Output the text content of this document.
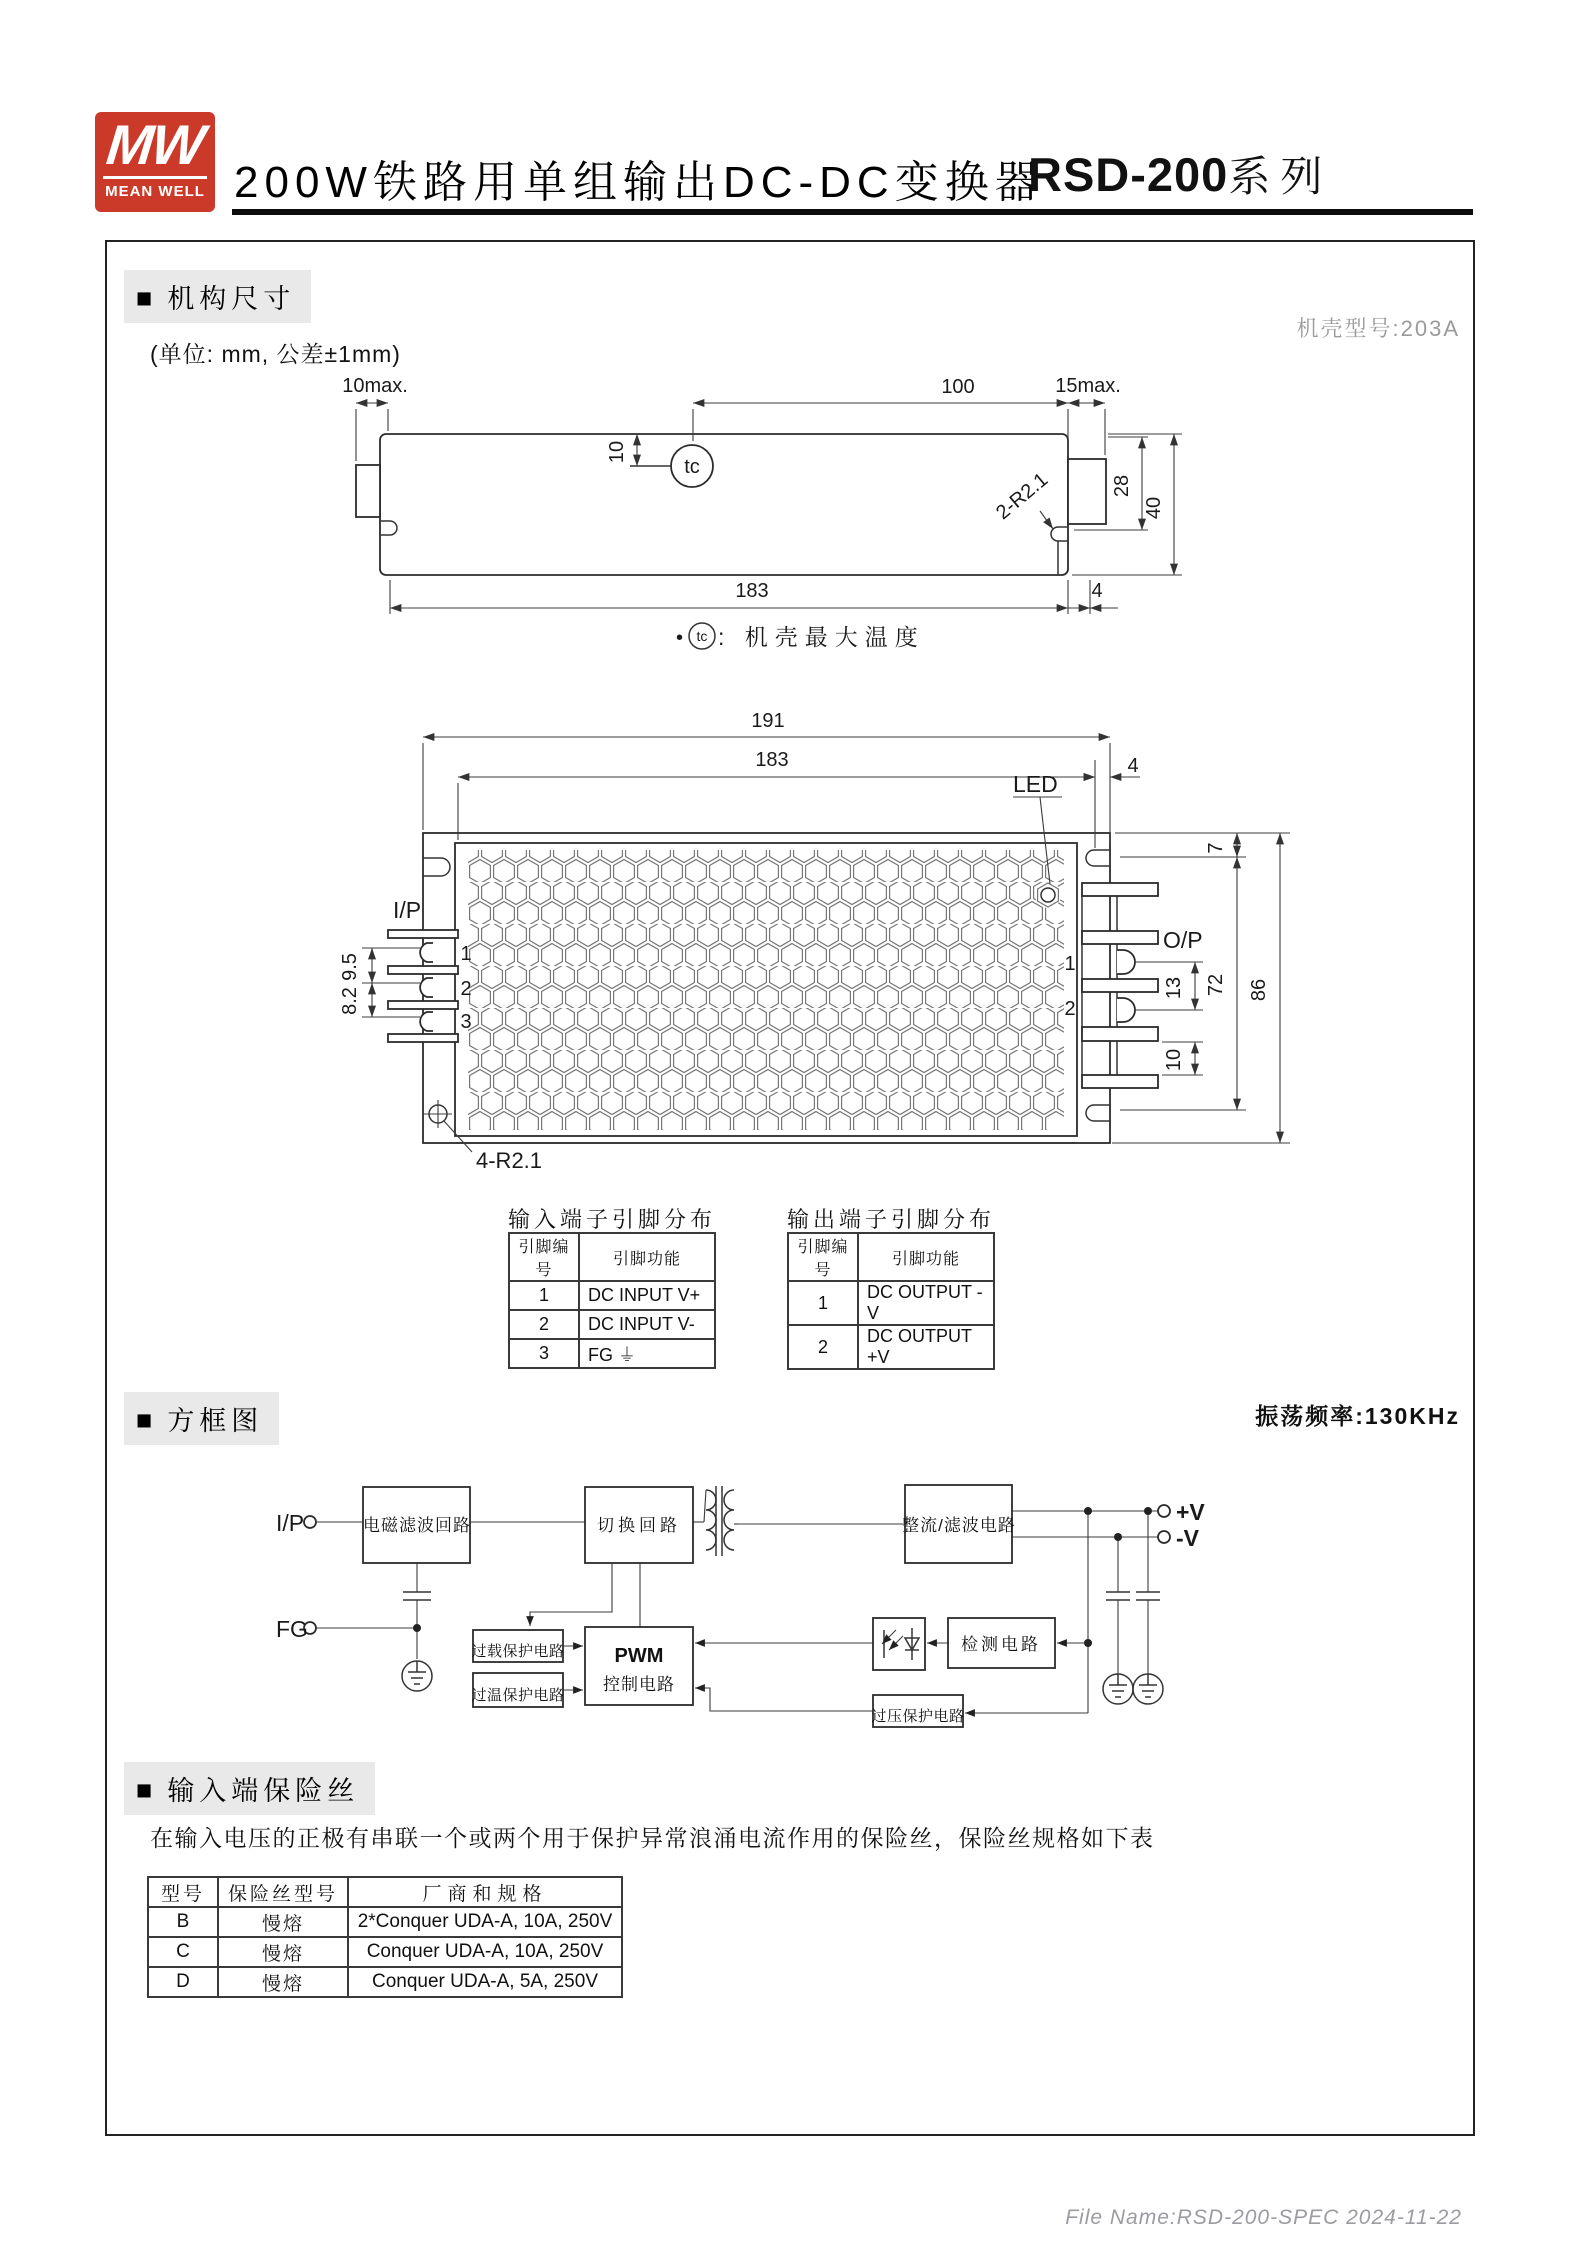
MW
MEAN WELL 200W铁路用单组输出DC-DC变换器
RSD-200系列
■ 机构尺寸
(单位: mm, 公差±1mm)
机壳型号:203A
10max.	100	15max.
10
tc
28
40
2-R2.1
183	4
• tc : 机壳最大温度
191
183	4
LED
7
72 86
13
10
9.5
8.2
4-R2.1
I/P
O/P
1
2
3
1
2
输入端子引脚分布
引脚编号	引脚功能
1	DC INPUT V+
2	DC INPUT V-
3	FG ⏚
输出端子引脚分布
引脚编号	引脚功能
1	DC OUTPUT -V
2	DC OUTPUT +V
■ 方框图	振荡频率:130KHz
电磁滤波回路	切换回路	整流/滤波电路
过载保护电路
过温保护电路
PWM
控制电路
检测电路
过压保护电路
I/P
FG
+V
-V
■ 输入端保险丝
在输入电压的正极有串联一个或两个用于保护异常浪涌电流作用的保险丝，保险丝规格如下表
型号	保险丝型号	厂商和规格
B	慢熔	2*Conquer UDA-A, 10A, 250V
C	慢熔	Conquer UDA-A, 10A, 250V
D	慢熔	Conquer UDA-A, 5A, 250V
File Name:RSD-200-SPEC 2024-11-22
